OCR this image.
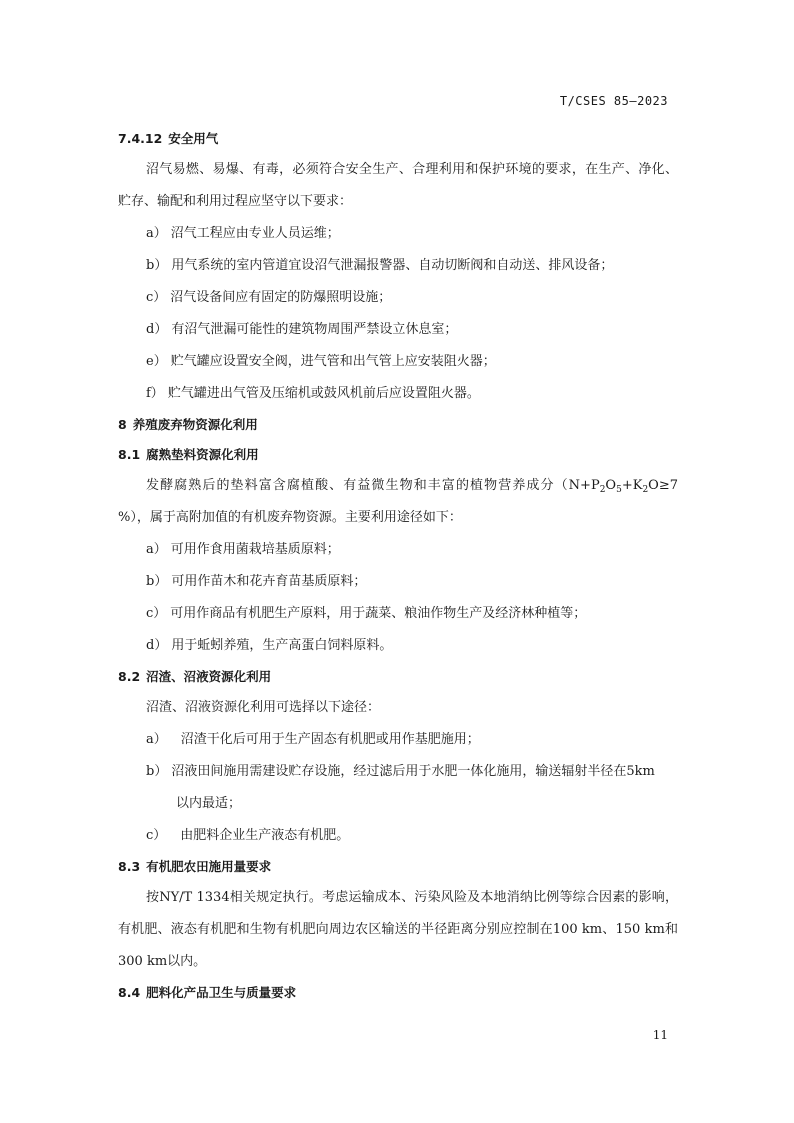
T/CSES 85—2023
7.4.12 安全用气

沼气易燃、易爆、有毒，必须符合安全生产、合理利用和保护环境的要求，在生产、净化、贮存、输配和利用过程应坚守以下要求：

a） 沼气工程应由专业人员运维；
b） 用气系统的室内管道宜设沼气泄漏报警器、自动切断阀和自动送、排风设备；
c） 沼气设备间应有固定的防爆照明设施；
d） 有沼气泄漏可能性的建筑物周围严禁设立休息室；
e） 贮气罐应设置安全阀，进气管和出气管上应安装阻火器；
f） 贮气罐进出气管及压缩机或鼓风机前后应设置阻火器。
8 养殖废弃物资源化利用
8.1 腐熟垫料资源化利用

发酵腐熟后的垫料富含腐植酸、有益微生物和丰富的植物营养成分（$N+P_2O_5+K_2O\ge 7$ %），属于高附加值的有机废弃物资源。主要利用途径如下：

a） 可用作食用菌栽培基质原料；
b） 可用作苗木和花卉育苗基质原料；
c） 可用作商品有机肥生产原料，用于蔬菜、粮油作物生产及经济林种植等；
d） 用于蚯蚓养殖，生产高蛋白饲料原料。
8.2 沼渣、沼液资源化利用

沼渣、沼液资源化利用可选择以下途径：

a） 沼渣干化后可用于生产固态有机肥或用作基肥施用；
b） 沼液田间施用需建设贮存设施，经过滤后用于水肥一体化施用，输送辐射半径在5km
以内最适；
c） 由肥料企业生产液态有机肥。
8.3 有机肥农田施用量要求

按NY/T 1334相关规定执行。考虑运输成本、污染风险及本地消纳比例等综合因素的影响，有机肥、液态有机肥和生物有机肥向周边农区输送的半径距离分别应控制在100 km、150 km和300 km以内。

8.4 肥料化产品卫生与质量要求
11
